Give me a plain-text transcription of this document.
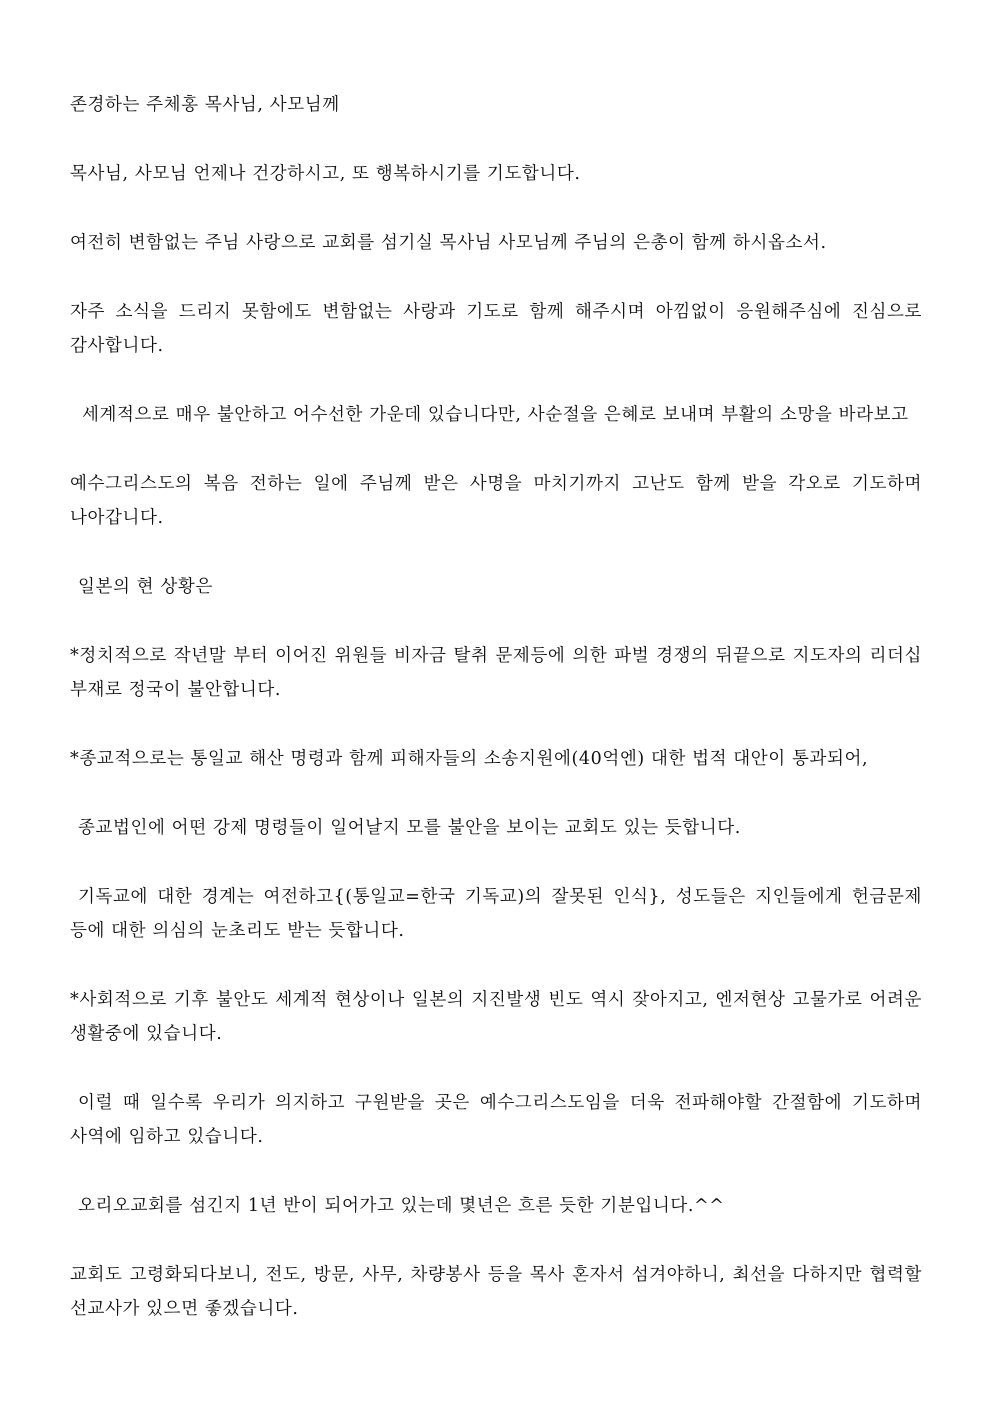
존경하는 주체홍 목사님, 사모님께

목사님, 사모님 언제나 건강하시고, 또 행복하시기를 기도합니다.

여전히 변함없는 주님 사랑으로 교회를 섬기실 목사님 사모님께 주님의 은총이 함께 하시옵소서.

자주 소식을 드리지 못함에도 변함없는 사랑과 기도로 함께 해주시며 아낌없이 응원해주심에 진심으로 감사합니다.

세계적으로 매우 불안하고 어수선한 가운데 있습니다만, 사순절을 은혜로 보내며 부활의 소망을 바라보고

예수그리스도의 복음 전하는 일에 주님께 받은 사명을 마치기까지 고난도 함께 받을 각오로 기도하며 나아갑니다.

일본의 현 상황은

*정치적으로 작년말 부터 이어진 위원들 비자금 탈취 문제등에 의한 파벌 경쟁의 뒤끝으로 지도자의 리더십 부재로 정국이 불안합니다.

*종교적으로는 통일교 해산 명령과 함께 피해자들의 소송지원에(40억엔) 대한 법적 대안이 통과되어,

종교법인에 어떤 강제 명령들이 일어날지 모를 불안을 보이는 교회도 있는 듯합니다.

기독교에 대한 경계는 여전하고{(통일교=한국 기독교)의 잘못된 인식}, 성도들은 지인들에게 헌금문제 등에 대한 의심의 눈초리도 받는 듯합니다.

*사회적으로 기후 불안도 세계적 현상이나 일본의 지진발생 빈도 역시 잦아지고, 엔저현상 고물가로 어려운 생활중에 있습니다.

이럴 때 일수록 우리가 의지하고 구원받을 곳은 예수그리스도임을 더욱 전파해야할 간절함에 기도하며 사역에 임하고 있습니다.

오리오교회를 섬긴지 1년 반이 되어가고 있는데 몇년은 흐른 듯한 기분입니다.^^

교회도 고령화되다보니, 전도, 방문, 사무, 차량봉사 등을 목사 혼자서 섬겨야하니, 최선을 다하지만 협력할 선교사가 있으면 좋겠습니다.
